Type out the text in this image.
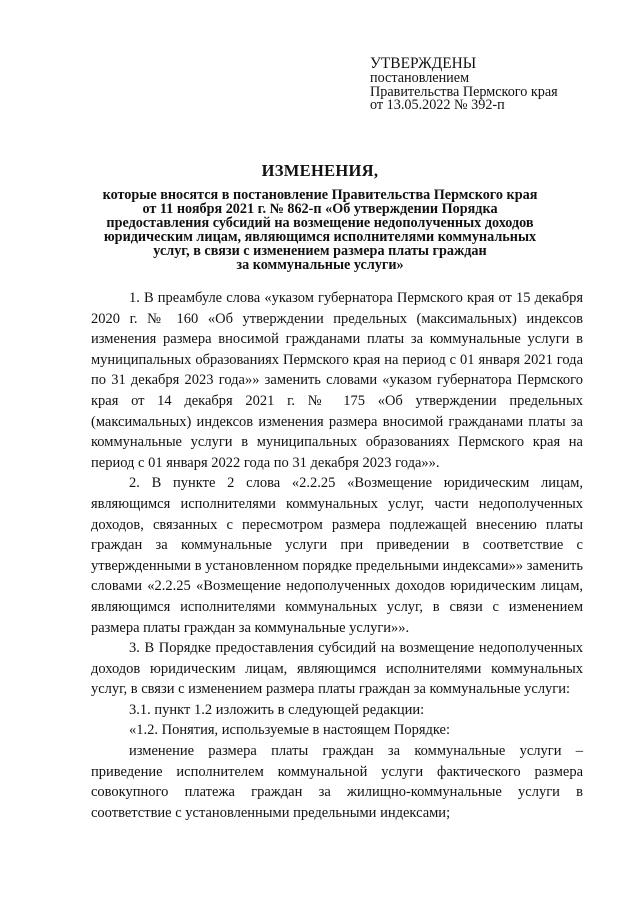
УТВЕРЖДЕНЫ
постановлением
Правительства Пермского края
от 13.05.2022 № 392-п
ИЗМЕНЕНИЯ,
которые вносятся в постановление Правительства Пермского края
от 11 ноября 2021 г. № 862-п «Об утверждении Порядка
предоставления субсидий на возмещение недополученных доходов
юридическим лицам, являющимся исполнителями коммунальных
услуг, в связи с изменением размера платы граждан
за коммунальные услуги»

1. В преамбуле слова «указом губернатора Пермского края от 15 декабря 2020 г. № 160 «Об утверждении предельных (максимальных) индексов изменения размера вносимой гражданами платы за коммунальные услуги в муниципальных образованиях Пермского края на период с 01 января 2021 года по 31 декабря 2023 года»» заменить словами «указом губернатора Пермского края от 14 декабря 2021 г. № 175 «Об утверждении предельных (максимальных) индексов изменения размера вносимой гражданами платы за коммунальные услуги в муниципальных образованиях Пермского края на период с 01 января 2022 года по 31 декабря 2023 года»».

2. В пункте 2 слова «2.2.25 «Возмещение юридическим лицам, являющимся исполнителями коммунальных услуг, части недополученных доходов, связанных с пересмотром размера подлежащей внесению платы граждан за коммунальные услуги при приведении в соответствие с утвержденными в установленном порядке предельными индексами»» заменить словами «2.2.25 «Возмещение недополученных доходов юридическим лицам, являющимся исполнителями коммунальных услуг, в связи с изменением размера платы граждан за коммунальные услуги»».

3. В Порядке предоставления субсидий на возмещение недополученных доходов юридическим лицам, являющимся исполнителями коммунальных услуг, в связи с изменением размера платы граждан за коммунальные услуги:

3.1. пункт 1.2 изложить в следующей редакции:

«1.2. Понятия, используемые в настоящем Порядке:

изменение размера платы граждан за коммунальные услуги – приведение исполнителем коммунальной услуги фактического размера совокупного платежа граждан за жилищно-коммунальные услуги в соответствие с установленными предельными индексами;
